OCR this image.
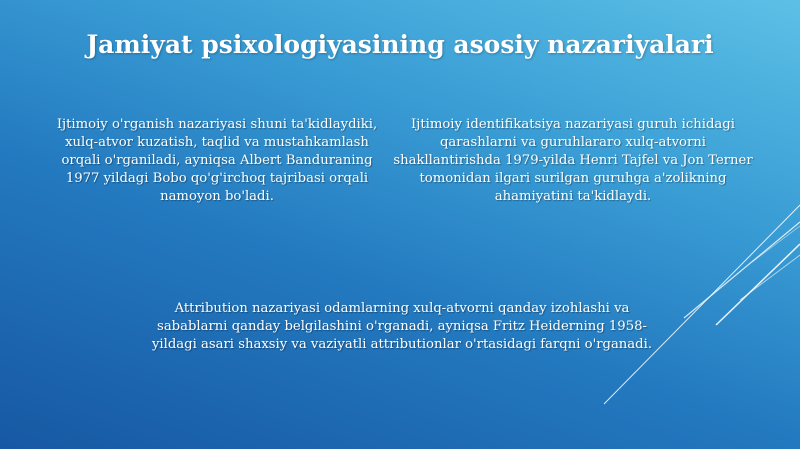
Jamiyat psixologiyasining asosiy nazariyalari

Ijtimoiy o'rganish nazariyasi shuni ta'kidlaydiki, xulq-atvor kuzatish, taqlid va mustahkamlash orqali o'rganiladi, ayniqsa Albert Banduraning 1977 yildagi Bobo qo'g'irchoq tajribasi orqali namoyon bo'ladi.

Ijtimoiy identifikatsiya nazariyasi guruh ichidagi qarashlarni va guruhlararo xulq-atvorni shakllantirishda 1979-yilda Henri Tajfel va Jon Terner tomonidan ilgari surilgan guruhga a'zolikning ahamiyatini ta'kidlaydi.

Attribution nazariyasi odamlarning xulq-atvorni qanday izohlashi va sabablarni qanday belgilashini o'rganadi, ayniqsa Fritz Heiderning 1958-yildagi asari shaxsiy va vaziyatli attributionlar o'rtasidagi farqni o'rganadi.
